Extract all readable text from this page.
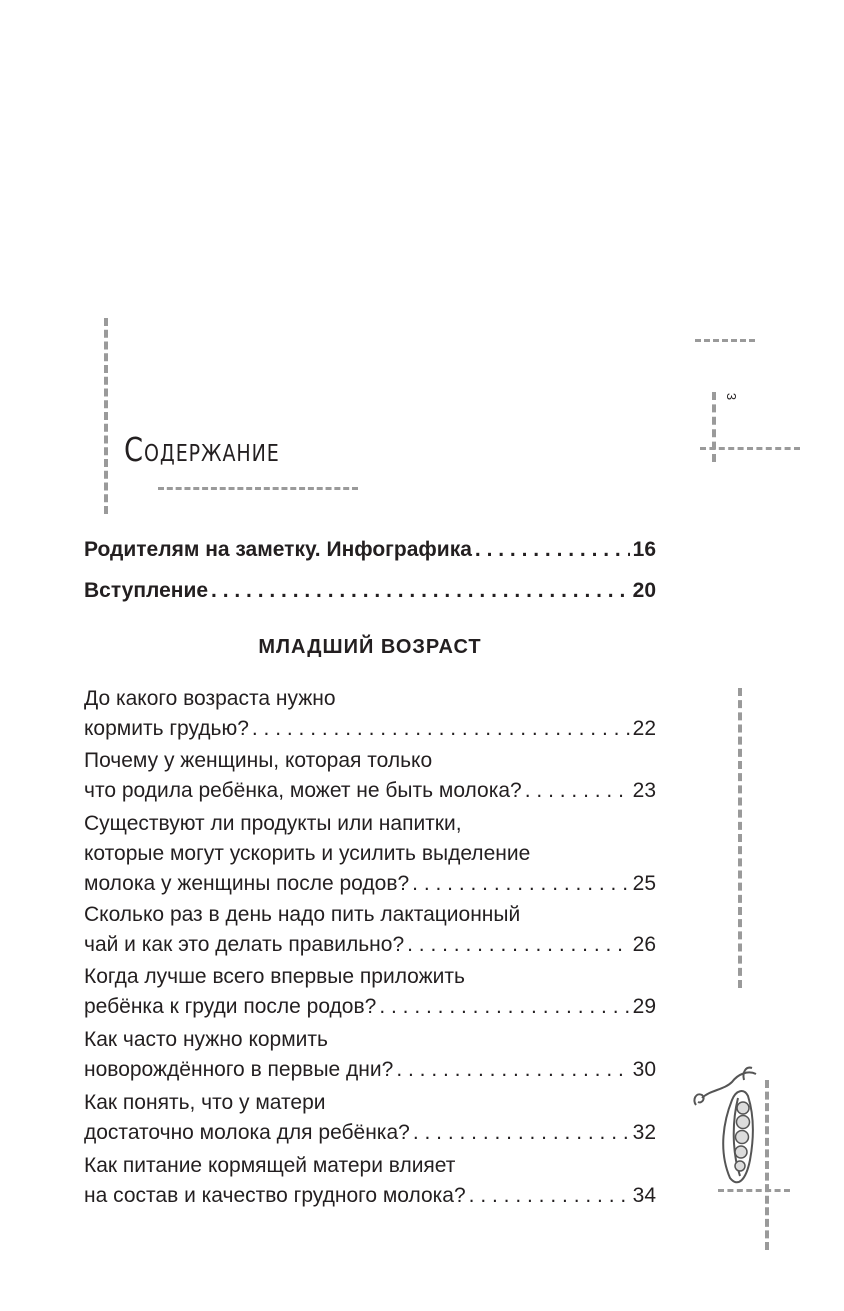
Содержание
3
Родителям на заметку. Инфографика . . .	16
Вступление . . .	20
МЛАДШИЙ ВОЗРАСТ
До какого возраста нужно
кормить грудью? . . .	22
Почему у женщины, которая только
что родила ребёнка, может не быть молока? . . .	23
Существуют ли продукты или напитки,
которые могут ускорить и усилить выделение
молока у женщины после родов? . . .	25
Сколько раз в день надо пить лактационный
чай и как это делать правильно? . . .	26
Когда лучше всего впервые приложить
ребёнка к груди после родов? . . .	29
Как часто нужно кормить
новорождённого в первые дни? . . .	30
Как понять, что у матери
достаточно молока для ребёнка? . . .	32
Как питание кормящей матери влияет
на состав и качество грудного молока? . . .	34
